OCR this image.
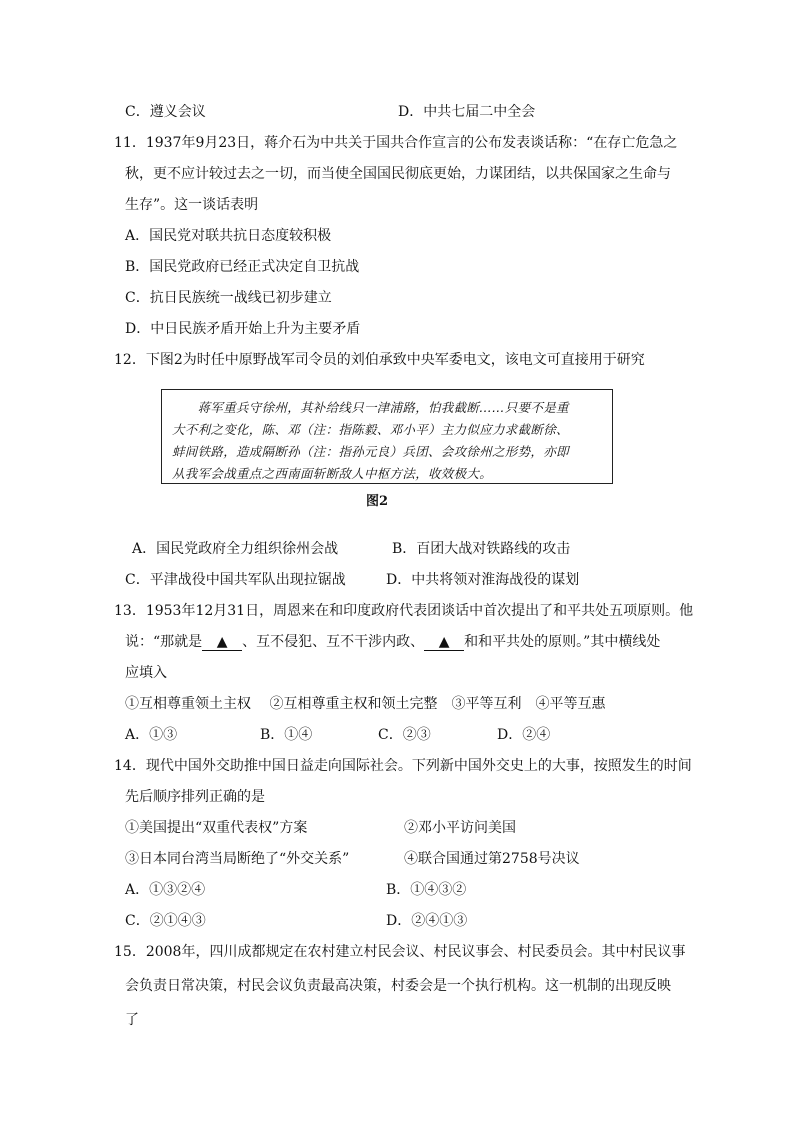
C．遵义会议	D．中共七届二中全会
11．1937年9月23日，蒋介石为中共关于国共合作宣言的公布发表谈话称：“在存亡危急之
秋，更不应计较过去之一切，而当使全国国民彻底更始，力谋团结，以共保国家之生命与
生存”。这一谈话表明
A．国民党对联共抗日态度较积极
B．国民党政府已经正式决定自卫抗战
C．抗日民族统一战线已初步建立
D．中日民族矛盾开始上升为主要矛盾
12．下图2为时任中原野战军司令员的刘伯承致中央军委电文，该电文可直接用于研究
　　蒋军重兵守徐州，其补给线只一津浦路，怕我截断……只要不是重
大不利之变化，陈、邓（注：指陈毅、邓小平）主力似应力求截断徐、
蚌间铁路，造成隔断孙（注：指孙元良）兵团、会攻徐州之形势，亦即
从我军会战重点之西南面斩断敌人中枢方法，收效极大。
图2
A．国民党政府全力组织徐州会战	B．百团大战对铁路线的攻击
C．平津战役中国共军队出现拉锯战	D．中共将领对淮海战役的谋划
13．1953年12月31日，周恩来在和印度政府代表团谈话中首次提出了和平共处五项原则。他
说：“那就是 ▲ 、互不侵犯、互不干涉内政、 ▲ 和和平共处的原则。”其中横线处
应填入
①互相尊重领土主权　 ②互相尊重主权和领土完整　③平等互利　④平等互惠
A．①③	B．①④	C．②③	D．②④
14．现代中国外交助推中国日益走向国际社会。下列新中国外交史上的大事，按照发生的时间
先后顺序排列正确的是
①美国提出“双重代表权”方案	②邓小平访问美国
③日本同台湾当局断绝了“外交关系”	④联合国通过第2758号决议
A．①③②④	B．①④③②
C．②①④③	D．②④①③
15．2008年，四川成都规定在农村建立村民会议、村民议事会、村民委员会。其中村民议事
会负责日常决策，村民会议负责最高决策，村委会是一个执行机构。这一机制的出现反映
了
